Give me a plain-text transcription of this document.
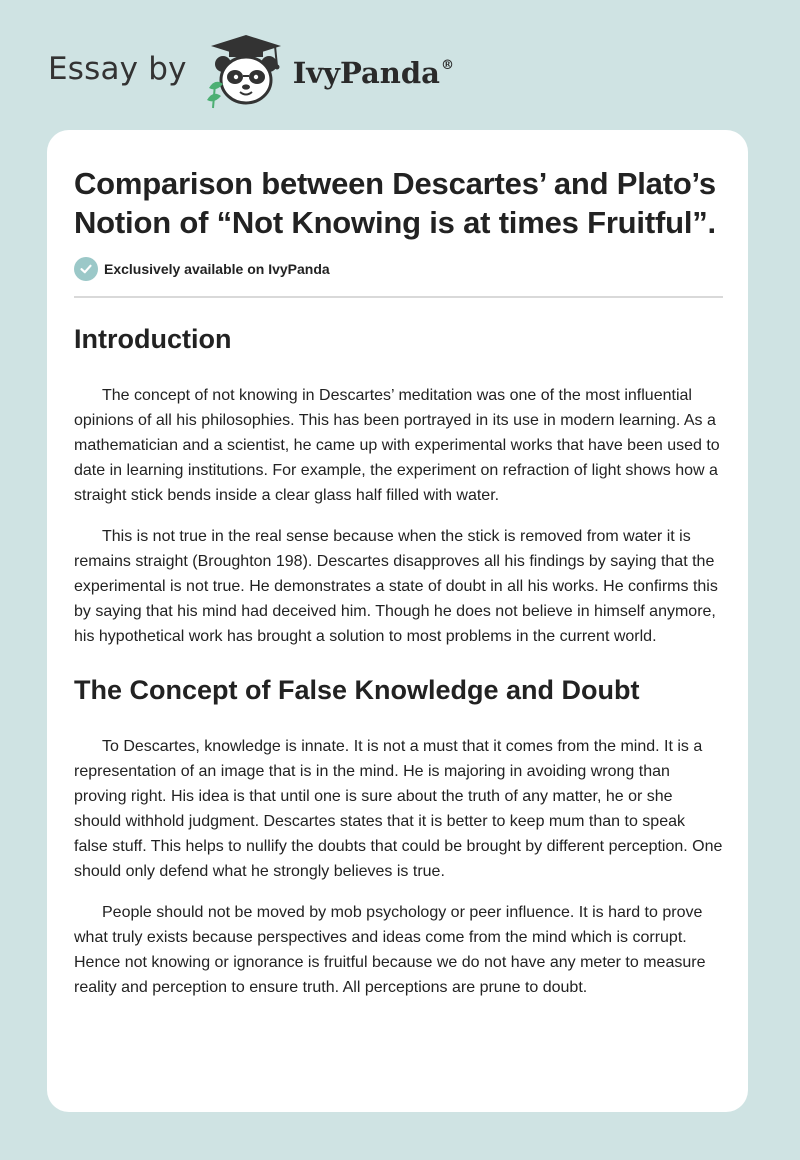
Essay by	IvyPanda®
Comparison between Descartes’ and Plato’s Notion of “Not Knowing is at times Fruitful”.
Exclusively available on IvyPanda
Introduction

The concept of not knowing in Descartes’ meditation was one of the most influential opinions of all his philosophies. This has been portrayed in its use in modern learning. As a mathematician and a scientist, he came up with experimental works that have been used to date in learning institutions. For example, the experiment on refraction of light shows how a straight stick bends inside a clear glass half filled with water.

This is not true in the real sense because when the stick is removed from water it is remains straight (Broughton 198). Descartes disapproves all his findings by saying that the experimental is not true. He demonstrates a state of doubt in all his works. He confirms this by saying that his mind had deceived him. Though he does not believe in himself anymore, his hypothetical work has brought a solution to most problems in the current world.

The Concept of False Knowledge and Doubt

To Descartes, knowledge is innate. It is not a must that it comes from the mind. It is a representation of an image that is in the mind. He is majoring in avoiding wrong than proving right. His idea is that until one is sure about the truth of any matter, he or she should withhold judgment. Descartes states that it is better to keep mum than to speak false stuff. This helps to nullify the doubts that could be brought by different perception. One should only defend what he strongly believes is true.

People should not be moved by mob psychology or peer influence. It is hard to prove what truly exists because perspectives and ideas come from the mind which is corrupt. Hence not knowing or ignorance is fruitful because we do not have any meter to measure reality and perception to ensure truth. All perceptions are prune to doubt.
